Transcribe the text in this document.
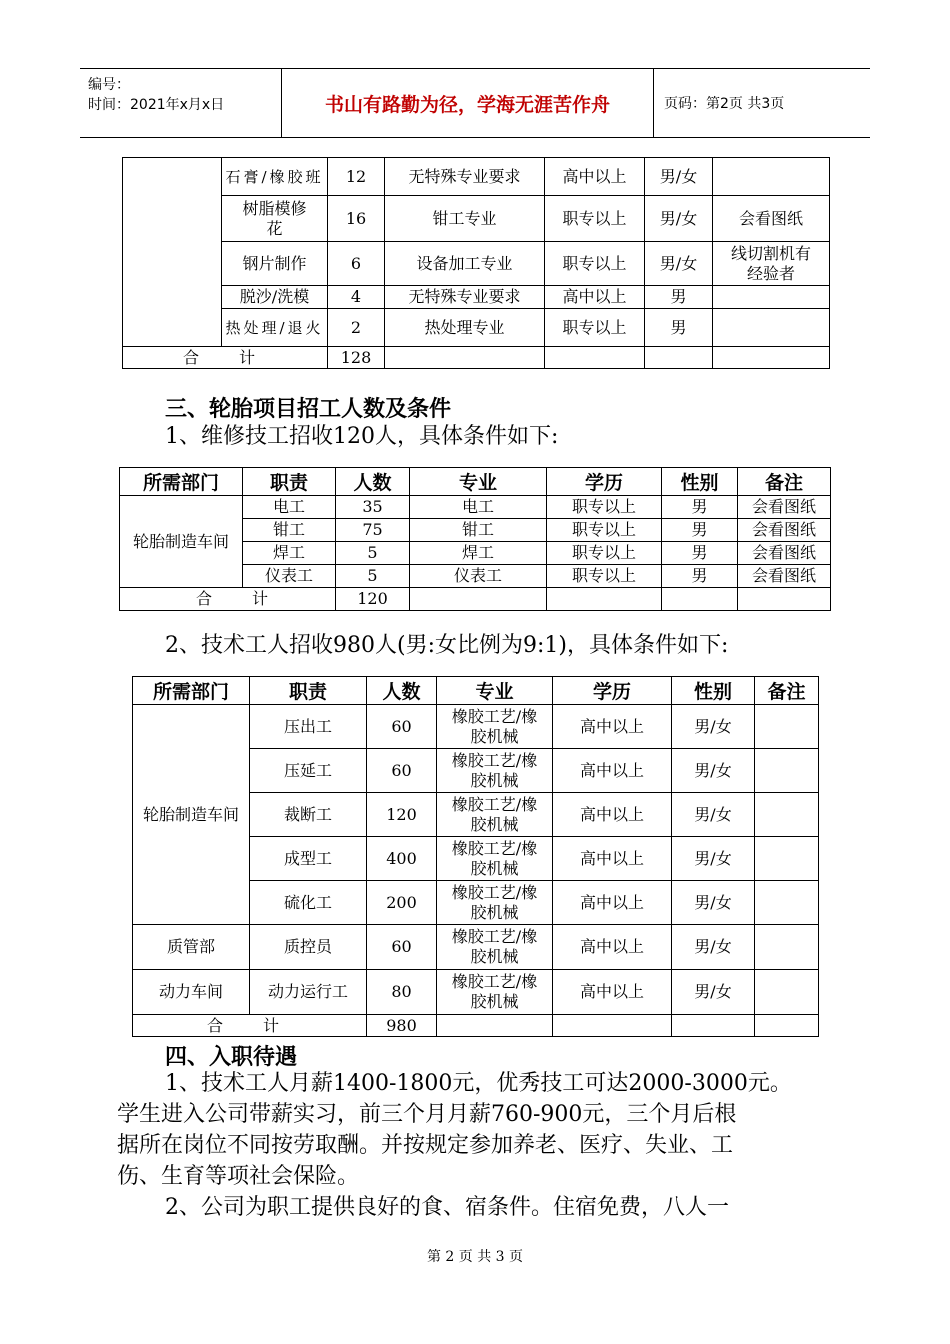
编号：
时间：2021年x月x日	书山有路勤为径，学海无涯苦作舟	页码：第2页 共3页
	石膏/橡胶班	12	无特殊专业要求	高中以上	男/女	
	树脂模修花	16	钳工专业	职专以上	男/女	会看图纸
	钢片制作	6	设备加工专业	职专以上	男/女	线切割机有经验者
	脱沙/洗模	4	无特殊专业要求	高中以上	男	
	热处理/退火	2	热处理专业	职专以上	男	
合 计		128				
三、轮胎项目招工人数及条件
1、维修技工招收120人，具体条件如下:
所需部门	职责	人数	专业	学历	性别	备注
轮胎制造车间	电工	35	电工	职专以上	男	会看图纸
	钳工	75	钳工	职专以上	男	会看图纸
	焊工	5	焊工	职专以上	男	会看图纸
	仪表工	5	仪表工	职专以上	男	会看图纸
合 计		120				
2、技术工人招收980人(男:女比例为9:1)，具体条件如下:
所需部门	职责	人数	专业	学历	性别	备注
轮胎制造车间	压出工	60	橡胶工艺/橡胶机械	高中以上	男/女	
	压延工	60	橡胶工艺/橡胶机械	高中以上	男/女	
	裁断工	120	橡胶工艺/橡胶机械	高中以上	男/女	
	成型工	400	橡胶工艺/橡胶机械	高中以上	男/女	
	硫化工	200	橡胶工艺/橡胶机械	高中以上	男/女	
质管部	质控员	60	橡胶工艺/橡胶机械	高中以上	男/女	
动力车间	动力运行工	80	橡胶工艺/橡胶机械	高中以上	男/女	
合 计		980				
四、入职待遇
1、技术工人月薪1400-1800元，优秀技工可达2000-3000元。
学生进入公司带薪实习，前三个月月薪760-900元，三个月后根
据所在岗位不同按劳取酬。并按规定参加养老、医疗、失业、工
伤、生育等项社会保险。
2、公司为职工提供良好的食、宿条件。住宿免费，八人一
第 2 页 共 3 页
